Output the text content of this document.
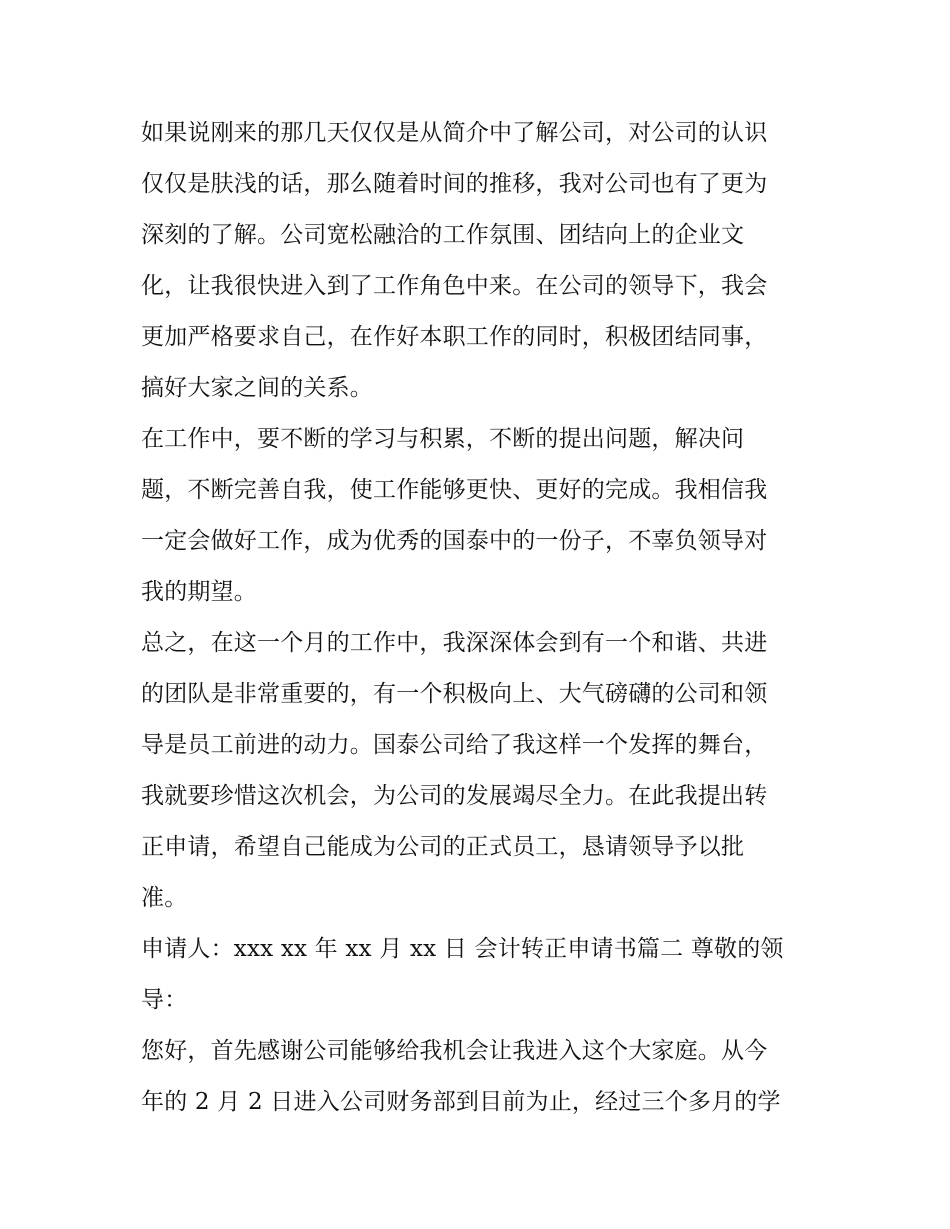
如果说刚来的那几天仅仅是从简介中了解公司，对公司的认识
仅仅是肤浅的话，那么随着时间的推移，我对公司也有了更为
深刻的了解。公司宽松融洽的工作氛围、团结向上的企业文
化，让我很快进入到了工作角色中来。在公司的领导下，我会
更加严格要求自己，在作好本职工作的同时，积极团结同事，
搞好大家之间的关系。
在工作中，要不断的学习与积累，不断的提出问题，解决问
题，不断完善自我，使工作能够更快、更好的完成。我相信我
一定会做好工作，成为优秀的国泰中的一份子，不辜负领导对
我的期望。
总之，在这一个月的工作中，我深深体会到有一个和谐、共进
的团队是非常重要的，有一个积极向上、大气磅礴的公司和领
导是员工前进的动力。国泰公司给了我这样一个发挥的舞台，
我就要珍惜这次机会，为公司的发展竭尽全力。在此我提出转
正申请，希望自己能成为公司的正式员工，恳请领导予以批
准。
申请人：xxx xx 年 xx 月 xx 日 会计转正申请书篇二 尊敬的领
导：
您好，首先感谢公司能够给我机会让我进入这个大家庭。从今
年的 2 月 2 日进入公司财务部到目前为止，经过三个多月的学
